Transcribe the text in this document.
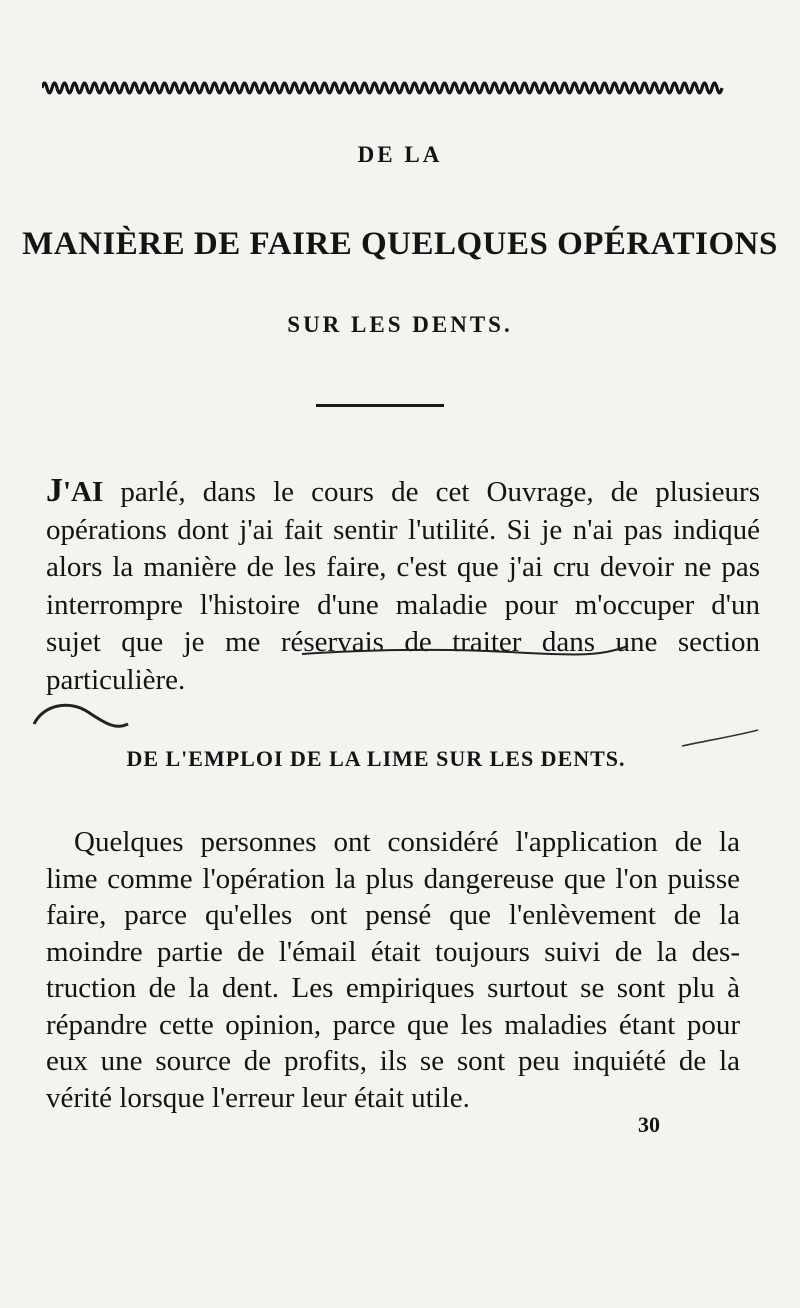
DE LA
MANIÈRE DE FAIRE QUELQUES OPÉRATIONS
SUR LES DENTS.
J'AI parlé, dans le cours de cet Ouvrage, de plusieurs opérations dont j'ai fait sentir l'utilité. Si je n'ai pas indiqué alors la manière de les faire, c'est que j'ai cru devoir ne pas interrompre l'histoire d'une maladie pour m'occuper d'un sujet que je me réservais de traiter dans une section particulière.
DE L'EMPLOI DE LA LIME SUR LES DENTS.
Quelques personnes ont considéré l'application de la lime comme l'opération la plus dangereuse que l'on puisse faire, parce qu'elles ont pensé que l'enlèvement de la moindre partie de l'émail était toujours suivi de la des- truction de la dent. Les empiriques surtout se sont plu à répandre cette opinion, parce que les maladies étant pour eux une source de profits, ils se sont peu inquiété de la vérité lorsque l'erreur leur était utile.
30
